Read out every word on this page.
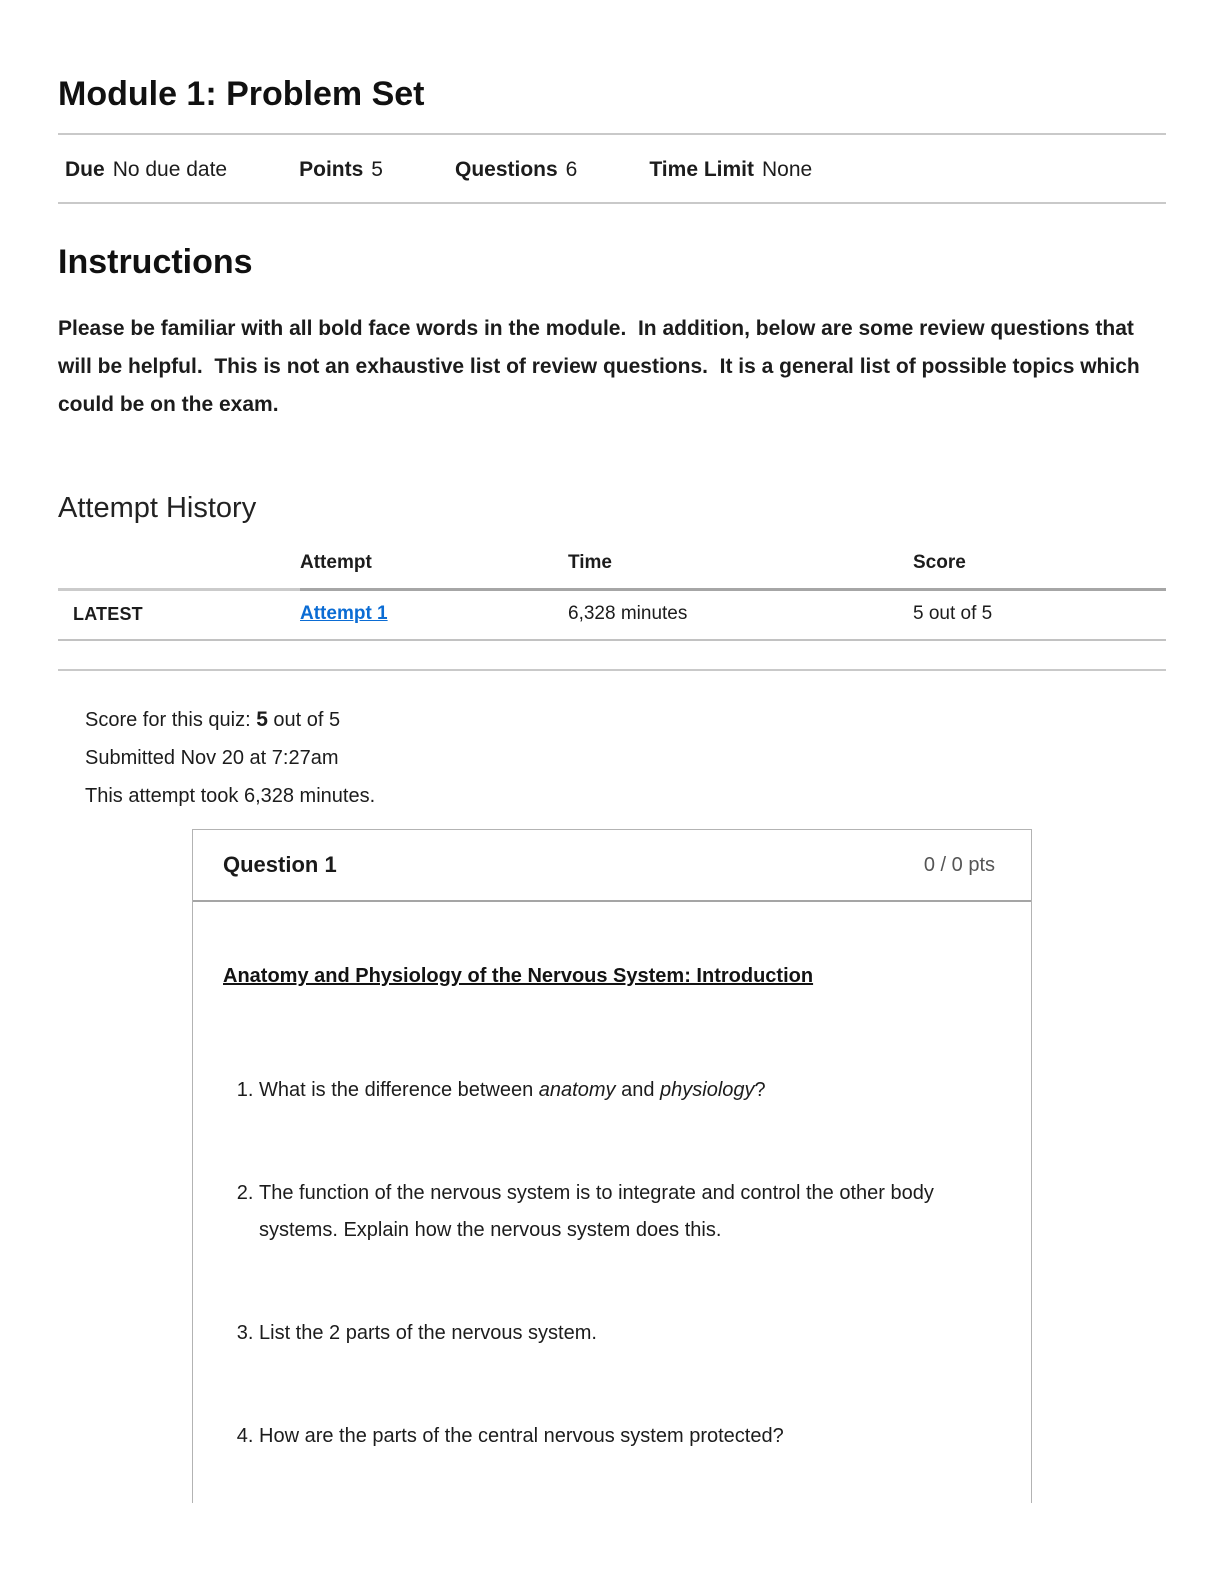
Module 1: Problem Set
Due No due date	Points 5	Questions 6	Time Limit None
Instructions

Please be familiar with all bold face words in the module.  In addition, below are some review questions that will be helpful.  This is not an exhaustive list of review questions.  It is a general list of possible topics which could be on the exam.

Attempt History
	Attempt	Time	Score
LATEST	Attempt 1	6,328 minutes	5 out of 5
Score for this quiz: 5 out of 5
Submitted Nov 20 at 7:27am
This attempt took 6,328 minutes.
Question 1	0 / 0 pts
Anatomy and Physiology of the Nervous System: Introduction
1. What is the difference between anatomy and physiology?
2. The function of the nervous system is to integrate and control the other body systems. Explain how the nervous system does this.
3. List the 2 parts of the nervous system.
4. How are the parts of the central nervous system protected?
